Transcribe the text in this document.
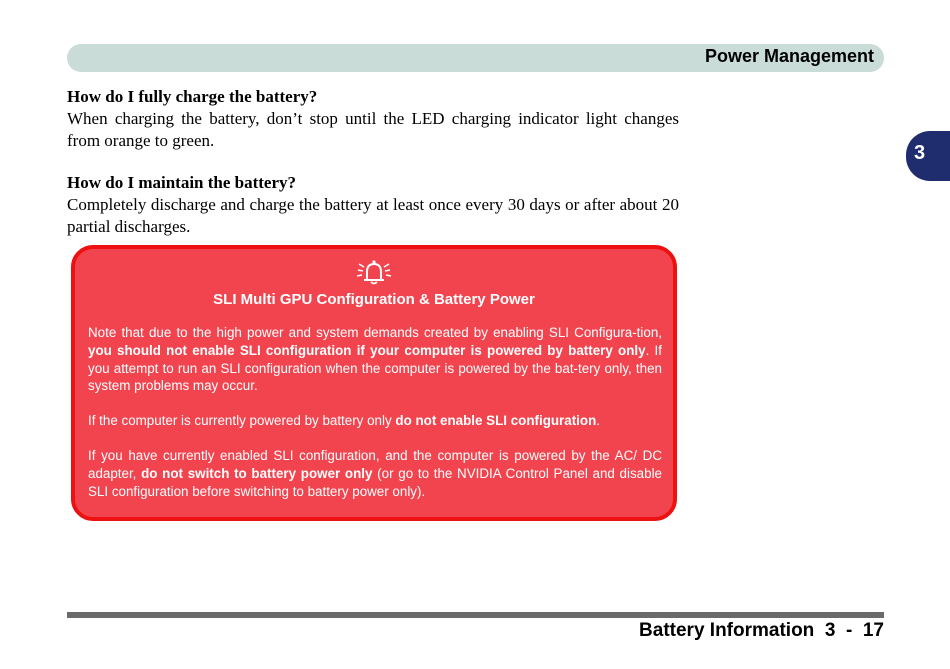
Power Management
3
How do I fully charge the battery?
When charging the battery, don’t stop until the LED charging indicator light changes from orange to green.
How do I maintain the battery?
Completely discharge and charge the battery at least once every 30 days or after about 20 partial discharges.
SLI Multi GPU Configuration & Battery Power

Note that due to the high power and system demands created by enabling SLI Configura-tion, you should not enable SLI configuration if your computer is powered by battery only. If you attempt to run an SLI configuration when the computer is powered by the bat-tery only, then system problems may occur.

If the computer is currently powered by battery only do not enable SLI configuration.

If you have currently enabled SLI configuration, and the computer is powered by the AC/ DC adapter, do not switch to battery power only (or go to the NVIDIA Control Panel and disable SLI configuration before switching to battery power only).

Battery Information  3  -  17
